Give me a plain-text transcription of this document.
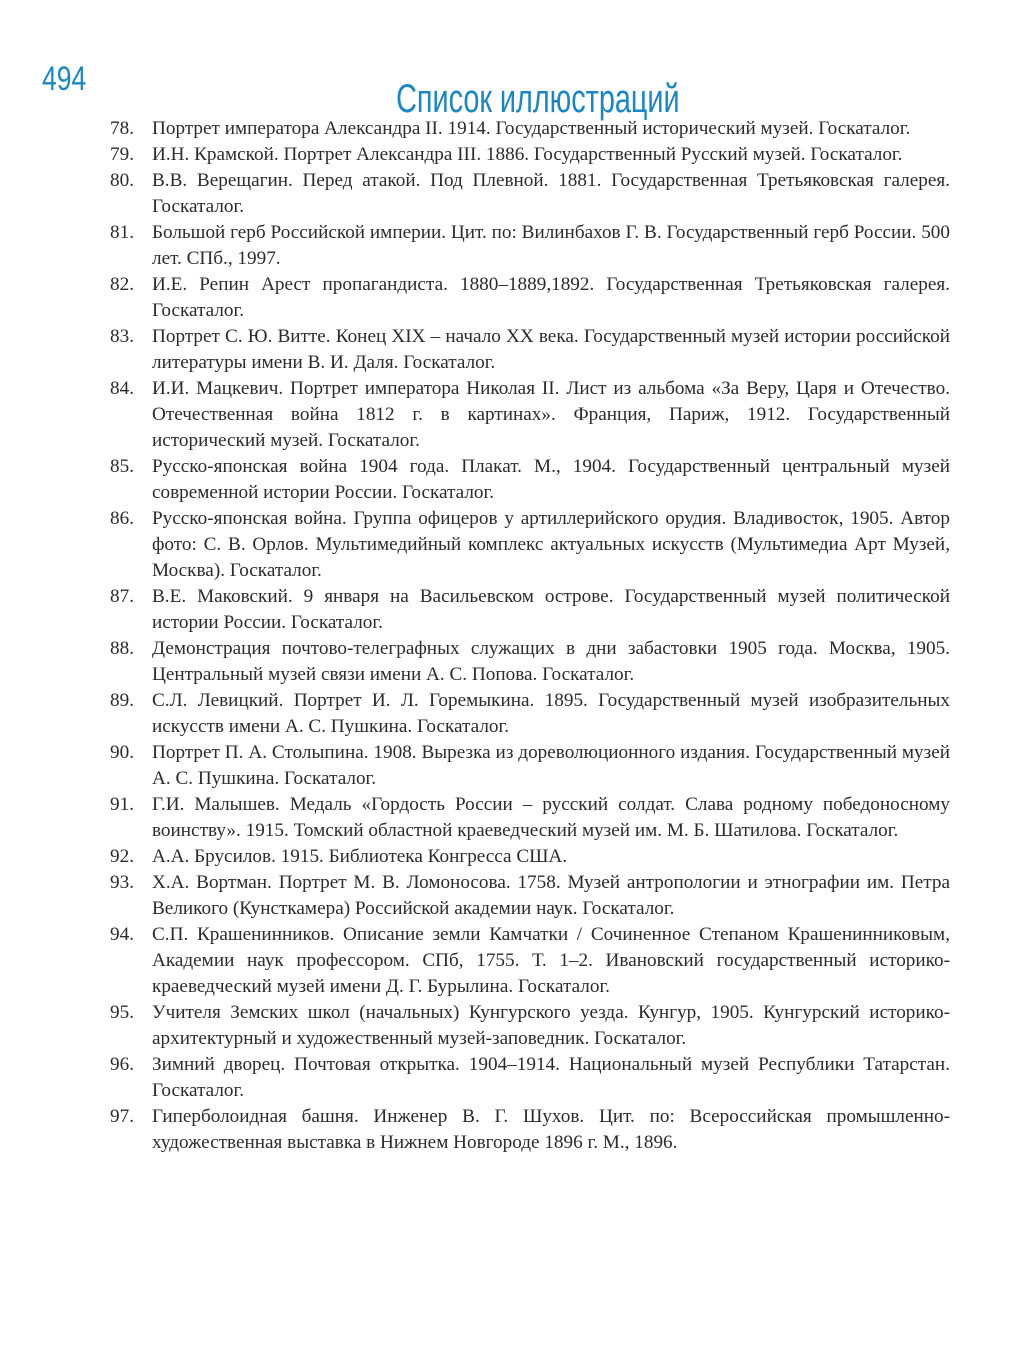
494	Список иллюстраций
78. Портрет императора Александра II. 1914. Государственный исторический музей. Госкаталог.
79. И.Н. Крамской. Портрет Александра III. 1886. Государственный Русский музей. Госкаталог.
80. В.В. Верещагин. Перед атакой. Под Плевной. 1881. Государственная Третьяковская галерея. Госкаталог.
81. Большой герб Российской империи. Цит. по: Вилинбахов Г. В. Государственный герб России. 500 лет. СПб., 1997.
82. И.Е. Репин Арест пропагандиста. 1880–1889,1892. Государственная Третьяковская галерея. Госкаталог.
83. Портрет С. Ю. Витте. Конец XIX – начало XX века. Государственный музей истории российской литературы имени В. И. Даля. Госкаталог.
84. И.И. Мацкевич. Портрет императора Николая II. Лист из альбома «За Веру, Царя и Отечество. Отечественная война 1812 г. в картинах». Франция, Париж, 1912. Государственный исторический музей. Госкаталог.
85. Русско-японская война 1904 года. Плакат. М., 1904. Государственный центральный музей современной истории России. Госкаталог.
86. Русско-японская война. Группа офицеров у артиллерийского орудия. Владивосток, 1905. Автор фото: С. В. Орлов. Мультимедийный комплекс актуальных искусств (Мультимедиа Арт Музей, Москва). Госкаталог.
87. В.Е. Маковский. 9 января на Васильевском острове. Государственный музей политической истории России. Госкаталог.
88. Демонстрация почтово-телеграфных служащих в дни забастовки 1905 года. Москва, 1905. Центральный музей связи имени А. С. Попова. Госкаталог.
89. С.Л. Левицкий. Портрет И. Л. Горемыкина. 1895. Государственный музей изобразительных искусств имени А. С. Пушкина. Госкаталог.
90. Портрет П. А. Столыпина. 1908. Вырезка из дореволюционного издания. Государственный музей А. С. Пушкина. Госкаталог.
91. Г.И. Малышев. Медаль «Гордость России – русский солдат. Слава родному победоносному воинству». 1915. Томский областной краеведческий музей им. М. Б. Шатилова. Госкаталог.
92. А.А. Брусилов. 1915. Библиотека Конгресса США.
93. Х.А. Вортман. Портрет М. В. Ломоносова. 1758. Музей антропологии и этнографии им. Петра Великого (Кунсткамера) Российской академии наук. Госкаталог.
94. С.П. Крашенинников. Описание земли Камчатки / Сочиненное Степаном Крашенинниковым, Академии наук профессором. СПб, 1755. Т. 1–2. Ивановский государственный историко-краеведческий музей имени Д. Г. Бурылина. Госкаталог.
95. Учителя Земских школ (начальных) Кунгурского уезда. Кунгур, 1905. Кунгурский историко-архитектурный и художественный музей-заповедник. Госкаталог.
96. Зимний дворец. Почтовая открытка. 1904–1914. Национальный музей Республики Татарстан. Госкаталог.
97. Гиперболоидная башня. Инженер В. Г. Шухов. Цит. по: Всероссийская промышленно-художественная выставка в Нижнем Новгороде 1896 г. М., 1896.
